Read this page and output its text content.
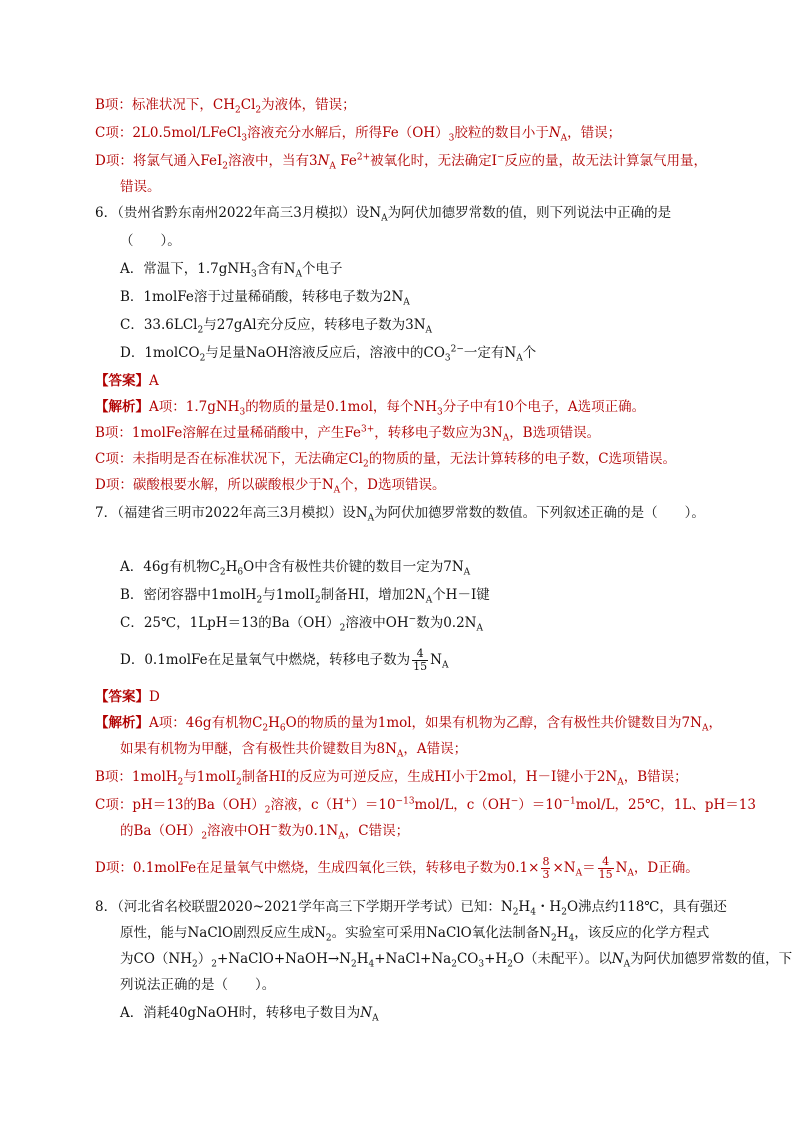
B项：标准状况下，$CH_2Cl_2$为液体，错误；
C项：2L0.5mol/LFeCl$_3$溶液充分水解后，所得$Fe(OH)_3$胶粒的数目小于$N_A$，错误；
D项：将氯气通入FeI$_2$溶液中，当有$3N_A$ $Fe^{2+}$被氧化时，无法确定I−反应的量，故无法计算氯气用量，
错误。
6．（贵州省黔东南州2022年高三3月模拟）设$N_A$为阿伏加德罗常数的值，则下列说法中正确的是
（　　）。
A．常温下，1.7gNH$_3$含有$N_A$个电子
B．1molFe溶于过量稀硝酸，转移电子数为$2N_A$
C．33.6LCl$_2$与27gAl充分反应，转移电子数为$3N_A$
D．1molCO$_2$与足量NaOH溶液反应后，溶液中的$CO_3^{2-}$一定有$N_A$个
【答案】A
【解析】A项：1.7gNH$_3$的物质的量是0.1mol，每个$NH_3$分子中有10个电子，A选项正确。
B项：1molFe溶解在过量稀硝酸中，产生$Fe^{3+}$，转移电子数应为$3N_A$，B选项错误。
C项：未指明是否在标准状况下，无法确定$Cl_2$的物质的量，无法计算转移的电子数，C选项错误。
D项：碳酸根要水解，所以碳酸根少于$N_A$个，D选项错误。
7．（福建省三明市2022年高三3月模拟）设$N_A$为阿伏加德罗常数的数值。下列叙述正确的是（　　）。
A．46g有机物$C_2H_6O$中含有极性共价键的数目一定为$7N_A$
B．密闭容器中1molH$_2$与1molI$_2$制备HI，增加$2N_A$个H－I键
C．25℃，1LpH＝13的$Ba(OH)_2$溶液中OH−数为$0.2N_A$
D．0.1molFe在足量氧气中燃烧，转移电子数为 $\frac{4}{15} N_A$
【答案】D
【解析】A项：46g有机物$C_2H_6O$的物质的量为1mol，如果有机物为乙醇，含有极性共价键数目为$7N_A$，
如果有机物为甲醚，含有极性共价键数目为$8N_A$，A错误；
B项：1molH$_2$与1molI$_2$制备HI的反应为可逆反应，生成HI小于2mol，H－I键小于$2N_A$，B错误；
C项：pH＝13的$Ba(OH)_2$溶液，$c(H^+)=10^{-13}mol/L$，$c(OH^-)=10^{-1}mol/L$，25℃，1L、pH＝13
的$Ba(OH)_2$溶液中OH−数为$0.1N_A$，C错误；
D项：0.1molFe在足量氧气中燃烧，生成四氧化三铁，转移电子数为$0.1\times \frac{8}{3} \times N_A= \frac{4}{15} N_A$，D正确。
8．（河北省名校联盟2020~2021学年高三下学期开学考试）已知：$N_2H_4$・$H_2O$沸点约118℃，具有强还
原性，能与NaClO剧烈反应生成$N_2$。实验室可采用NaClO氧化法制备$N_2H_4$，该反应的化学方程式
为$CO(NH_2)_2+NaClO+NaOH\to N_2H_4+NaCl+Na_2CO_3+H_2O$（未配平）。以$N_A$为阿伏加德罗常数的值，下
列说法正确的是（　　）。
A．消耗40gNaOH时，转移电子数目为$N_A$
